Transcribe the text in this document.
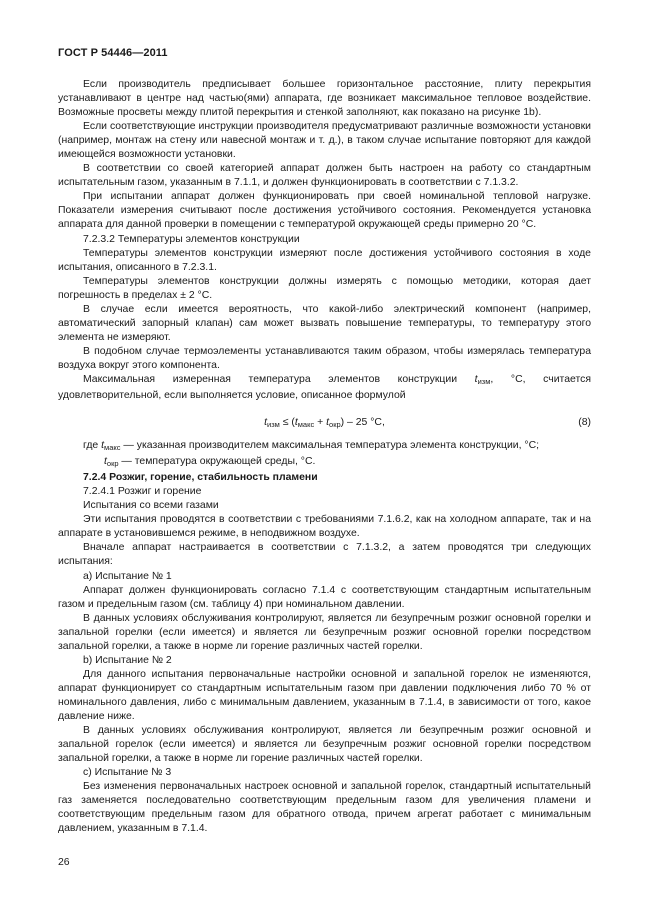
ГОСТ Р 54446—2011

Если производитель предписывает большее горизонтальное расстояние, плиту перекрытия устанавливают в центре над частью(ями) аппарата, где возникает максимальное тепловое воздействие. Возможные просветы между плитой перекрытия и стенкой заполняют, как показано на рисунке 1b).

Если соответствующие инструкции производителя предусматривают различные возможности установки (например, монтаж на стену или навесной монтаж и т. д.), в таком случае испытание повторяют для каждой имеющейся возможности установки.

В соответствии со своей категорией аппарат должен быть настроен на работу со стандартным испытательным газом, указанным в 7.1.1, и должен функционировать в соответствии с 7.1.3.2.

При испытании аппарат должен функционировать при своей номинальной тепловой нагрузке. Показатели измерения считывают после достижения устойчивого состояния. Рекомендуется установка аппарата для данной проверки в помещении с температурой окружающей среды примерно 20 °С.

7.2.3.2 Температуры элементов конструкции

Температуры элементов конструкции измеряют после достижения устойчивого состояния в ходе испытания, описанного в 7.2.3.1.

Температуры элементов конструкции должны измерять с помощью методики, которая дает погрешность в пределах ± 2 °С.

В случае если имеется вероятность, что какой-либо электрический компонент (например, автоматический запорный клапан) сам может вызвать повышение температуры, то температуру этого элемента не измеряют.

В подобном случае термоэлементы устанавливаются таким образом, чтобы измерялась температура воздуха вокруг этого компонента.

Максимальная измеренная температура элементов конструкции $t_{изм}$, °С, считается удовлетворительной, если выполняется условие, описанное формулой

$t_{изм} \le (t_{макс} + t_{окр}) - 25$ °С,	(8)

где $t_{макс}$ — указанная производителем максимальная температура элемента конструкции, °С;

$t_{окр}$ — температура окружающей среды, °С.

7.2.4 Розжиг, горение, стабильность пламени

7.2.4.1 Розжиг и горение

Испытания со всеми газами

Эти испытания проводятся в соответствии с требованиями 7.1.6.2, как на холодном аппарате, так и на аппарате в установившемся режиме, в неподвижном воздухе.

Вначале аппарат настраивается в соответствии с 7.1.3.2, а затем проводятся три следующих испытания:

а) Испытание № 1

Аппарат должен функционировать согласно 7.1.4 с соответствующим стандартным испытательным газом и предельным газом (см. таблицу 4) при номинальном давлении.

В данных условиях обслуживания контролируют, является ли безупречным розжиг основной горелки и запальной горелки (если имеется) и является ли безупречным розжиг основной горелки посредством запальной горелки, а также в норме ли горение различных частей горелки.

b) Испытание № 2

Для данного испытания первоначальные настройки основной и запальной горелок не изменяются, аппарат функционирует со стандартным испытательным газом при давлении подключения либо 70 % от номинального давления, либо с минимальным давлением, указанным в 7.1.4, в зависимости от того, какое давление ниже.

В данных условиях обслуживания контролируют, является ли безупречным розжиг основной и запальной горелок (если имеется) и является ли безупречным розжиг основной горелки посредством запальной горелки, а также в норме ли горение различных частей горелки.

с) Испытание № 3

Без изменения первоначальных настроек основной и запальной горелок, стандартный испытательный газ заменяется последовательно соответствующим предельным газом для увеличения пламени и соответствующим предельным газом для обратного отвода, причем агрегат работает с минимальным давлением, указанным в 7.1.4.

26
